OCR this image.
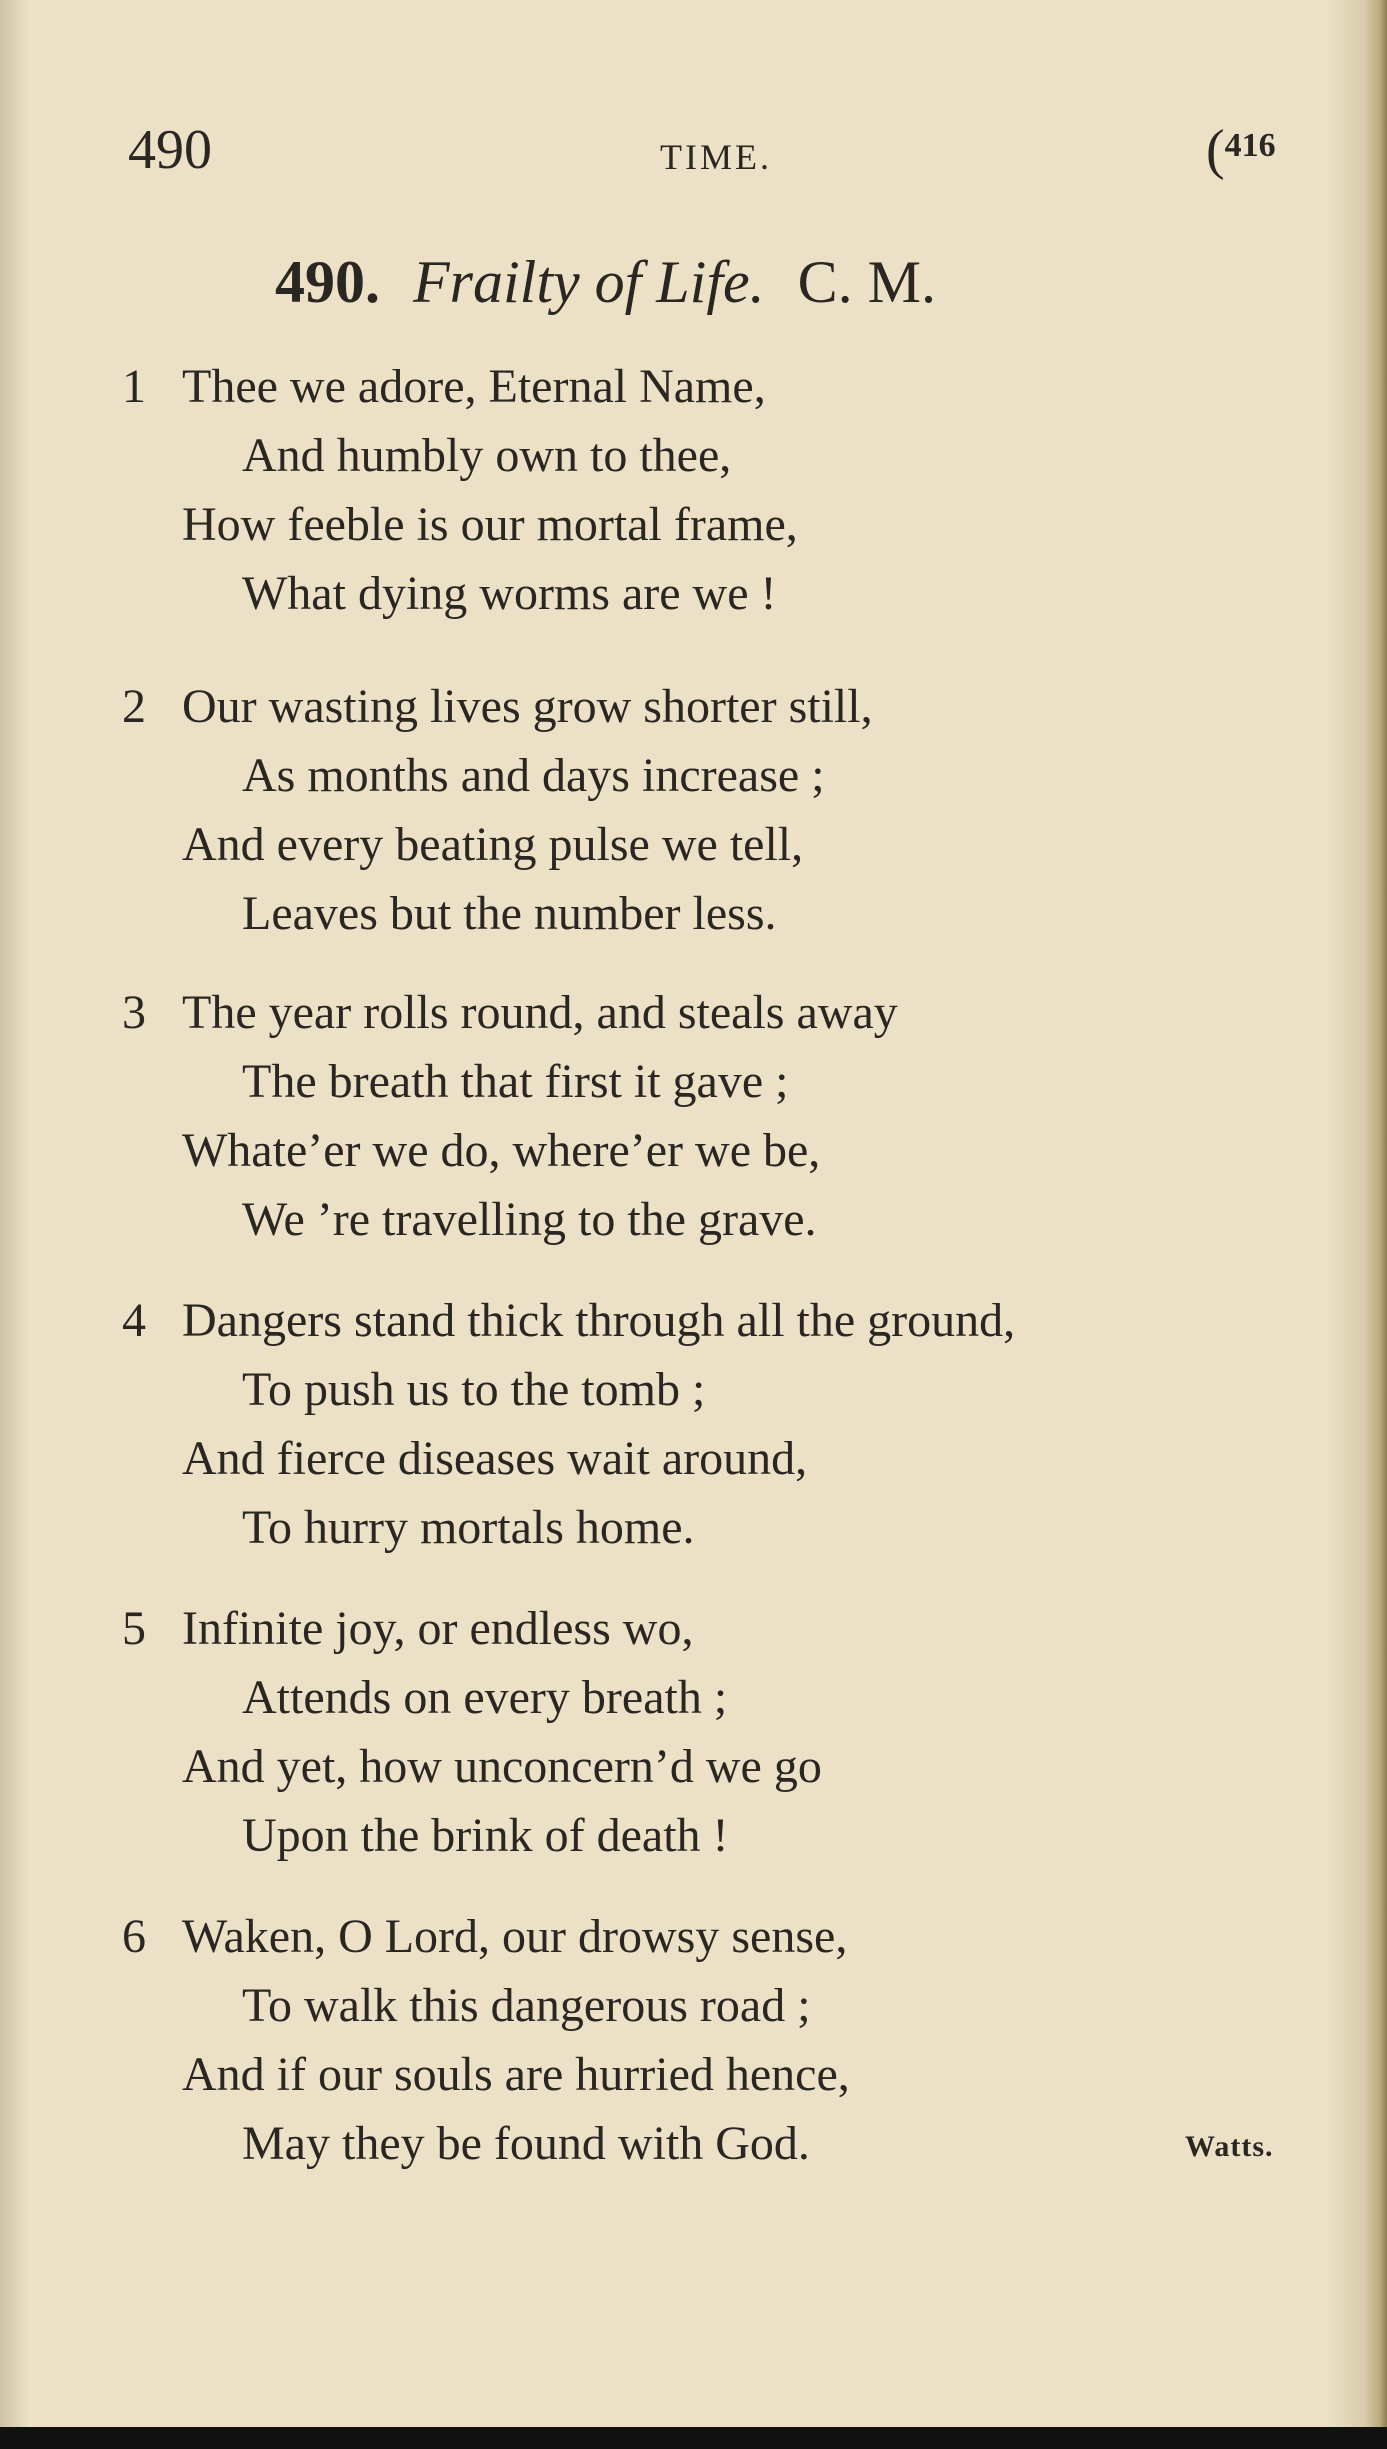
490	TIME.	($^{416}$
490. Frailty of Life. C. M.
1 Thee we adore, Eternal Name,
And humbly own to thee,
How feeble is our mortal frame,
What dying worms are we !
2 Our wasting lives grow shorter still,
As months and days increase ;
And every beating pulse we tell,
Leaves but the number less.
3 The year rolls round, and steals away
The breath that first it gave ;
Whate’er we do, where’er we be,
We ’re travelling to the grave.
4 Dangers stand thick through all the ground,
To push us to the tomb ;
And fierce diseases wait around,
To hurry mortals home.
5 Infinite joy, or endless wo,
Attends on every breath ;
And yet, how unconcern’d we go
Upon the brink of death !
6 Waken, O Lord, our drowsy sense,
To walk this dangerous road ;
And if our souls are hurried hence,
May they be found with God.	Watts.
